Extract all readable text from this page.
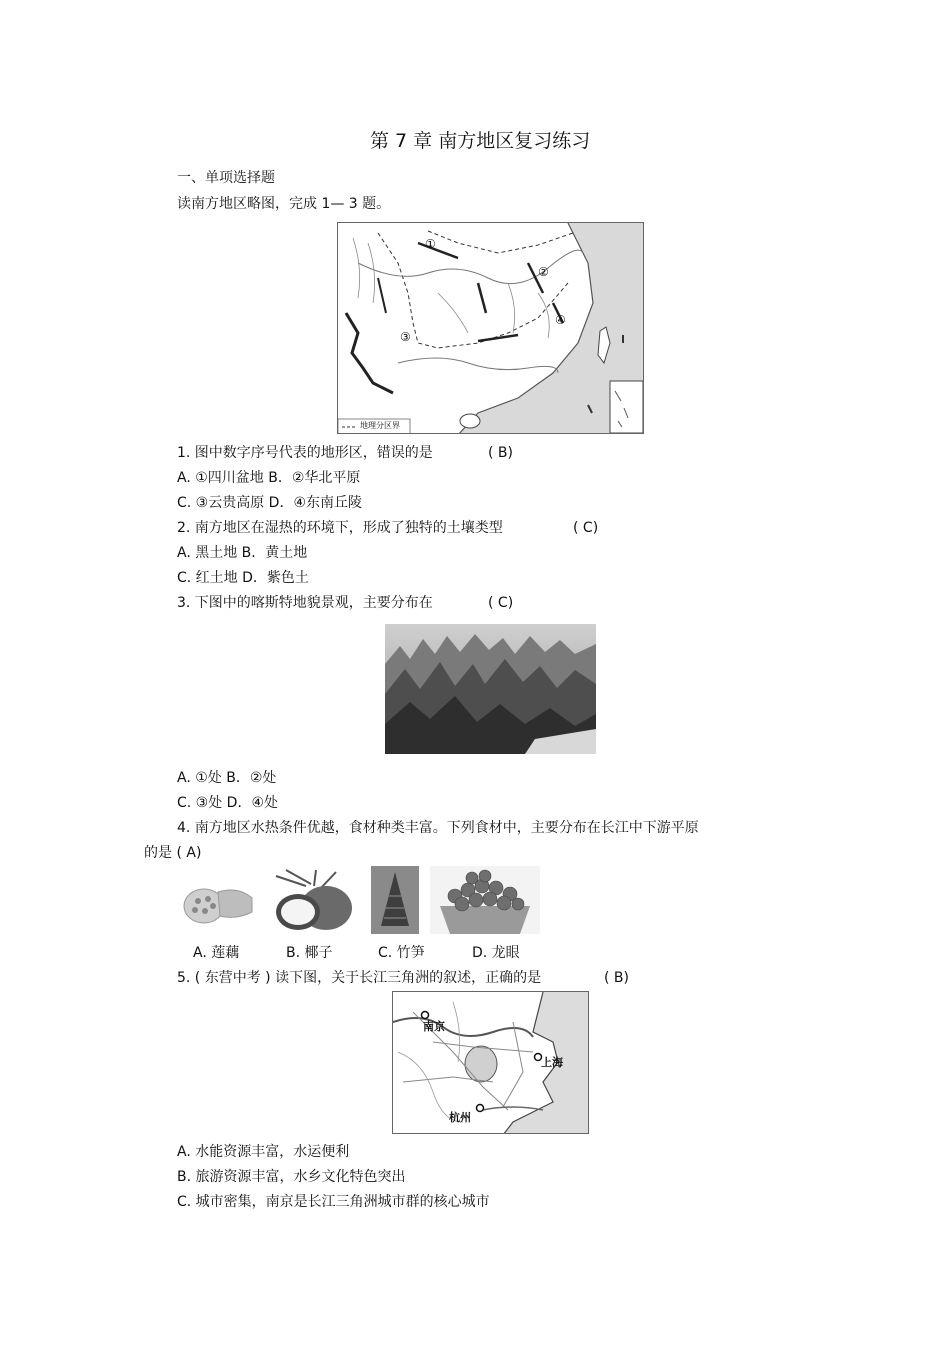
第 7 章 南方地区复习练习
一、单项选择题
读南方地区略图，完成 1— 3 题。
①
②
③
④
地理分区界
1. 图中数字序号代表的地形区，错误的是	( B)
A. ①四川盆地 B．②华北平原
C. ③云贵高原 D．④东南丘陵
2. 南方地区在湿热的环境下，形成了独特的土壤类型	( C)
A. 黑土地 B．黄土地
C. 红土地 D．紫色土
3. 下图中的喀斯特地貌景观，主要分布在	( C)
A. ①处 B．②处
C. ③处 D．④处
4. 南方地区水热条件优越，食材种类丰富。下列食材中，主要分布在长江中下游平原
的是 ( A)
A. 莲藕	B. 椰子	C. 竹笋	D. 龙眼
5. ( 东营中考 ) 读下图，关于长江三角洲的叙述，正确的是	( B)
南京
上海
杭州
A. 水能资源丰富，水运便利
B. 旅游资源丰富，水乡文化特色突出
C. 城市密集，南京是长江三角洲城市群的核心城市
